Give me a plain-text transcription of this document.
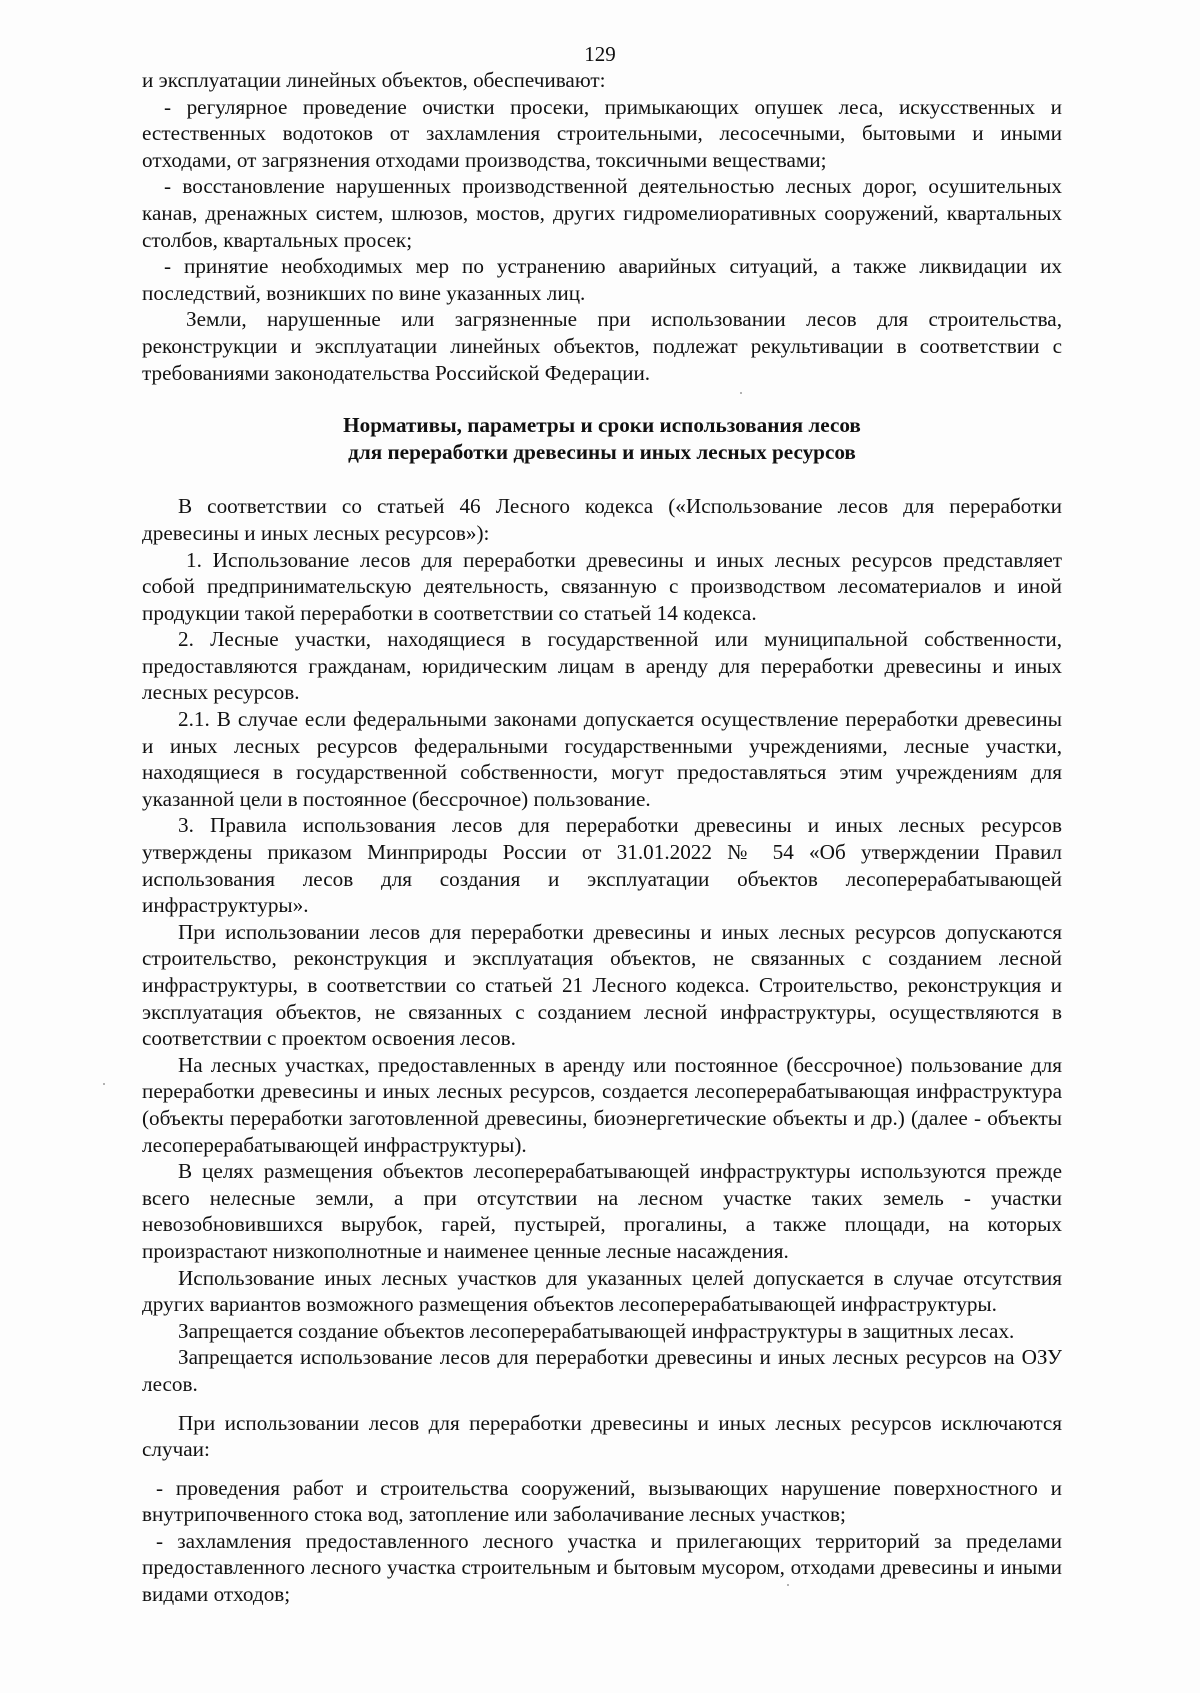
129

и эксплуатации линейных объектов, обеспечивают:

- регулярное проведение очистки просеки, примыкающих опушек леса, искусственных и естественных водотоков от захламления строительными, лесосечными, бытовыми и иными отходами, от загрязнения отходами производства, токсичными веществами;

- восстановление нарушенных производственной деятельностью лесных дорог, осушительных канав, дренажных систем, шлюзов, мостов, других гидромелиоративных сооружений, квартальных столбов, квартальных просек;

- принятие необходимых мер по устранению аварийных ситуаций, а также ликвидации их последствий, возникших по вине указанных лиц.

Земли, нарушенные или загрязненные при использовании лесов для строительства, реконструкции и эксплуатации линейных объектов, подлежат рекультивации в соответствии с требованиями законодательства Российской Федерации.

Нормативы, параметры и сроки использования лесов
для переработки древесины и иных лесных ресурсов

В соответствии со статьей 46 Лесного кодекса («Использование лесов для переработки древесины и иных лесных ресурсов»):

1. Использование лесов для переработки древесины и иных лесных ресурсов представляет собой предпринимательскую деятельность, связанную с производством лесоматериалов и иной продукции такой переработки в соответствии со статьей 14 кодекса.

2. Лесные участки, находящиеся в государственной или муниципальной собственности, предоставляются гражданам, юридическим лицам в аренду для переработки древесины и иных лесных ресурсов.

2.1. В случае если федеральными законами допускается осуществление переработки древесины и иных лесных ресурсов федеральными государственными учреждениями, лесные участки, находящиеся в государственной собственности, могут предоставляться этим учреждениям для указанной цели в постоянное (бессрочное) пользование.

3. Правила использования лесов для переработки древесины и иных лесных ресурсов утверждены приказом Минприроды России от 31.01.2022 № 54 «Об утверждении Правил использования лесов для создания и эксплуатации объектов лесоперерабатывающей инфраструктуры».

При использовании лесов для переработки древесины и иных лесных ресурсов допускаются строительство, реконструкция и эксплуатация объектов, не связанных с созданием лесной инфраструктуры, в соответствии со статьей 21 Лесного кодекса. Строительство, реконструкция и эксплуатация объектов, не связанных с созданием лесной инфраструктуры, осуществляются в соответствии с проектом освоения лесов.

На лесных участках, предоставленных в аренду или постоянное (бессрочное) пользование для переработки древесины и иных лесных ресурсов, создается лесоперерабатывающая инфраструктура (объекты переработки заготовленной древесины, биоэнергетические объекты и др.) (далее - объекты лесоперерабатывающей инфраструктуры).

В целях размещения объектов лесоперерабатывающей инфраструктуры используются прежде всего нелесные земли, а при отсутствии на лесном участке таких земель - участки невозобновившихся вырубок, гарей, пустырей, прогалины, а также площади, на которых произрастают низкополнотные и наименее ценные лесные насаждения.

Использование иных лесных участков для указанных целей допускается в случае отсутствия других вариантов возможного размещения объектов лесоперерабатывающей инфраструктуры.

Запрещается создание объектов лесоперерабатывающей инфраструктуры в защитных лесах.

Запрещается использование лесов для переработки древесины и иных лесных ресурсов на ОЗУ лесов.

При использовании лесов для переработки древесины и иных лесных ресурсов исключаются случаи:

- проведения работ и строительства сооружений, вызывающих нарушение поверхностного и внутрипочвенного стока вод, затопление или заболачивание лесных участков;

- захламления предоставленного лесного участка и прилегающих территорий за пределами предоставленного лесного участка строительным и бытовым мусором, отходами древесины и иными видами отходов;
